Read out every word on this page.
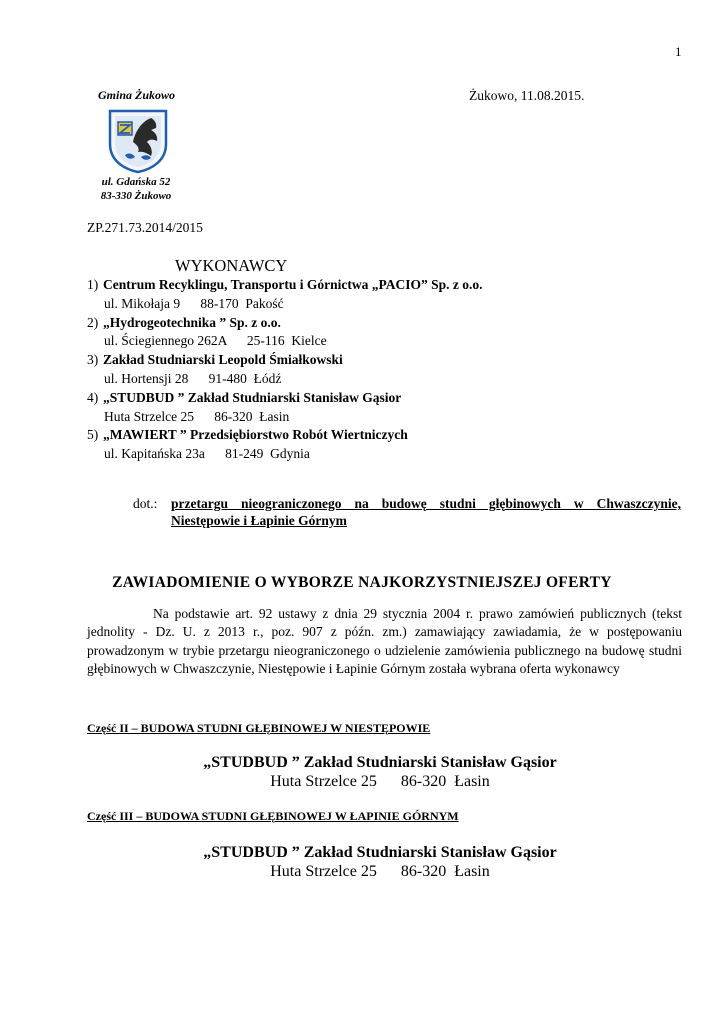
1
Gmina Żukowo	Żukowo, 11.08.2015.
ul. Gdańska 52
83-330 Żukowo
ZP.271.73.2014/2015
WYKONAWCY
1) Centrum Recyklingu, Transportu i Górnictwa „PACIO” Sp. z o.o.
ul. Mikołaja 9      88-170  Pakość
2) „Hydrogeotechnika ” Sp. z o.o.
ul. Ściegiennego 262A      25-116  Kielce
3) Zakład Studniarski Leopold Śmiałkowski
ul. Hortensji 28      91-480  Łódź
4) „STUDBUD ” Zakład Studniarski Stanisław Gąsior
Huta Strzelce 25      86-320  Łasin
5) „MAWIERT ” Przedsiębiorstwo Robót Wiertniczych
ul. Kapitańska 23a      81-249  Gdynia
dot.: przetargu nieograniczonego na budowę studni głębinowych w Chwaszczynie, Niestępowie i Łapinie Górnym
ZAWIADOMIENIE O WYBORZE NAJKORZYSTNIEJSZEJ OFERTY
Na podstawie art. 92 ustawy z dnia 29 stycznia 2004 r. prawo zamówień publicznych (tekst jednolity - Dz. U. z 2013 r., poz. 907 z późn. zm.) zamawiający zawiadamia, że w postępowaniu prowadzonym w trybie przetargu nieograniczonego o udzielenie zamówienia publicznego na budowę studni głębinowych w Chwaszczynie, Niestępowie i Łapinie Górnym została wybrana oferta wykonawcy
Część II – BUDOWA STUDNI GŁĘBINOWEJ W NIESTĘPOWIE
„STUDBUD ” Zakład Studniarski Stanisław Gąsior
Huta Strzelce 25      86-320  Łasin
Część III – BUDOWA STUDNI GŁĘBINOWEJ W ŁAPINIE GÓRNYM
„STUDBUD ” Zakład Studniarski Stanisław Gąsior
Huta Strzelce 25      86-320  Łasin
